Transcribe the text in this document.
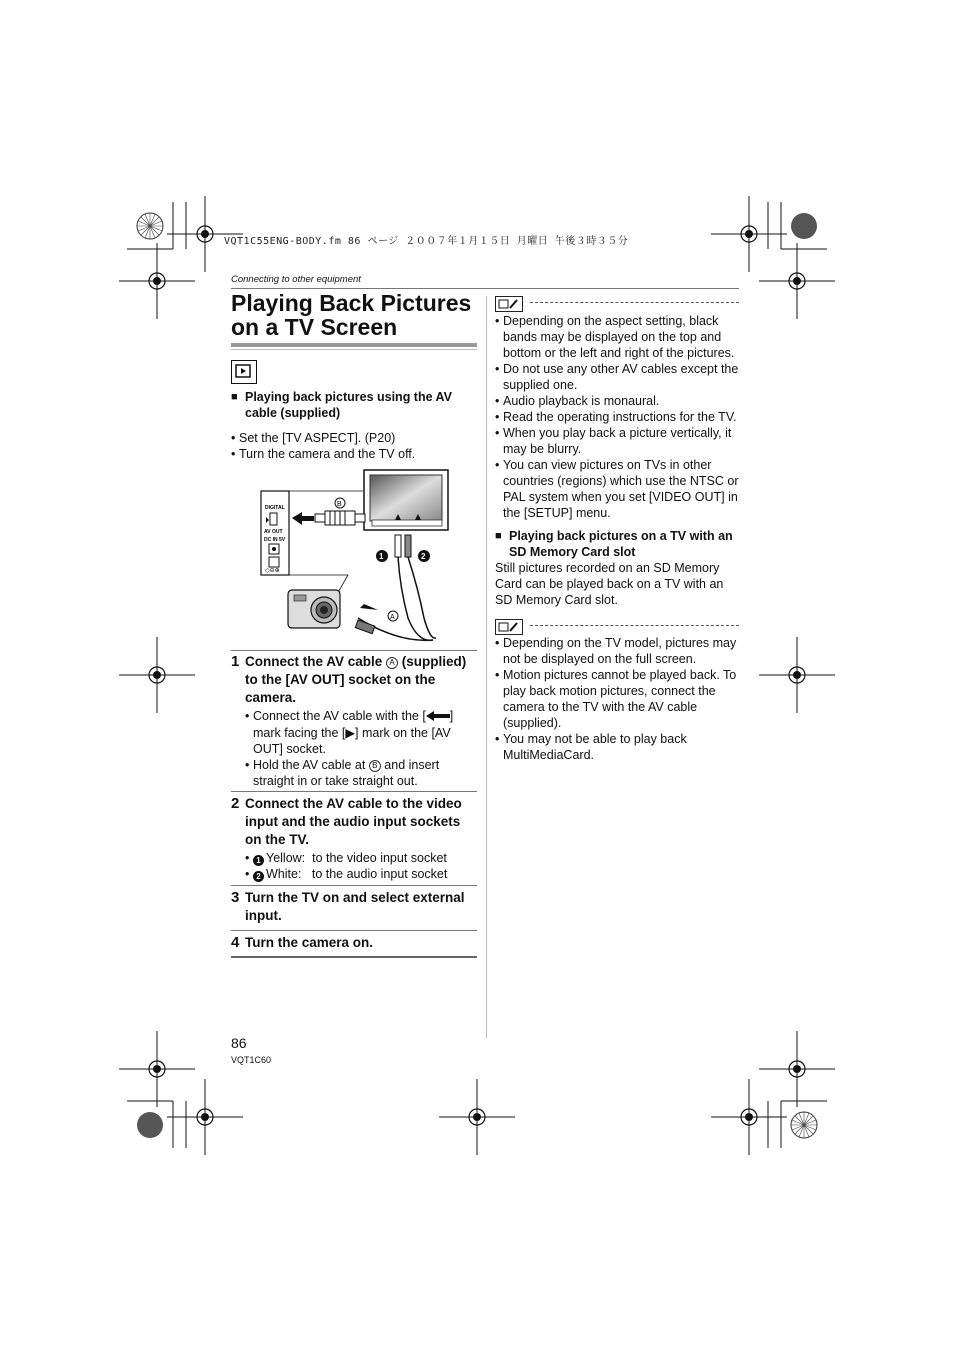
VQT1C55ENG-BODY.fm 86 ページ ２００７年１月１５日 月曜日 午後３時３５分
Connecting to other equipment
Playing Back Pictures
on a TV Screen
■ Playing back pictures using the AV cable (supplied)
• Set the [TV ASPECT]. (P20)
• Turn the camera and the TV off.
DIGITAL
AV OUT
DC IN 5V
◇⊖⊕
B
1	2
A
1 Connect the AV cable A (supplied) to the [AV OUT] socket on the camera.
• Connect the AV cable with the [ ] mark facing the [▶] mark on the [AV OUT] socket.
• Hold the AV cable at B and insert straight in or take straight out.
2 Connect the AV cable to the video input and the audio input sockets on the TV.
• 1 Yellow:  to the video input socket
• 2 White:   to the audio input socket
3 Turn the TV on and select external input.
4 Turn the camera on.
• Depending on the aspect setting, black bands may be displayed on the top and bottom or the left and right of the pictures.
• Do not use any other AV cables except the supplied one.
• Audio playback is monaural.
• Read the operating instructions for the TV.
• When you play back a picture vertically, it may be blurry.
• You can view pictures on TVs in other countries (regions) which use the NTSC or PAL system when you set [VIDEO OUT] in the [SETUP] menu.
■ Playing back pictures on a TV with an SD Memory Card slot
Still pictures recorded on an SD Memory Card can be played back on a TV with an SD Memory Card slot.
• Depending on the TV model, pictures may not be displayed on the full screen.
• Motion pictures cannot be played back. To play back motion pictures, connect the camera to the TV with the AV cable (supplied).
• You may not be able to play back MultiMediaCard.
86
VQT1C60
